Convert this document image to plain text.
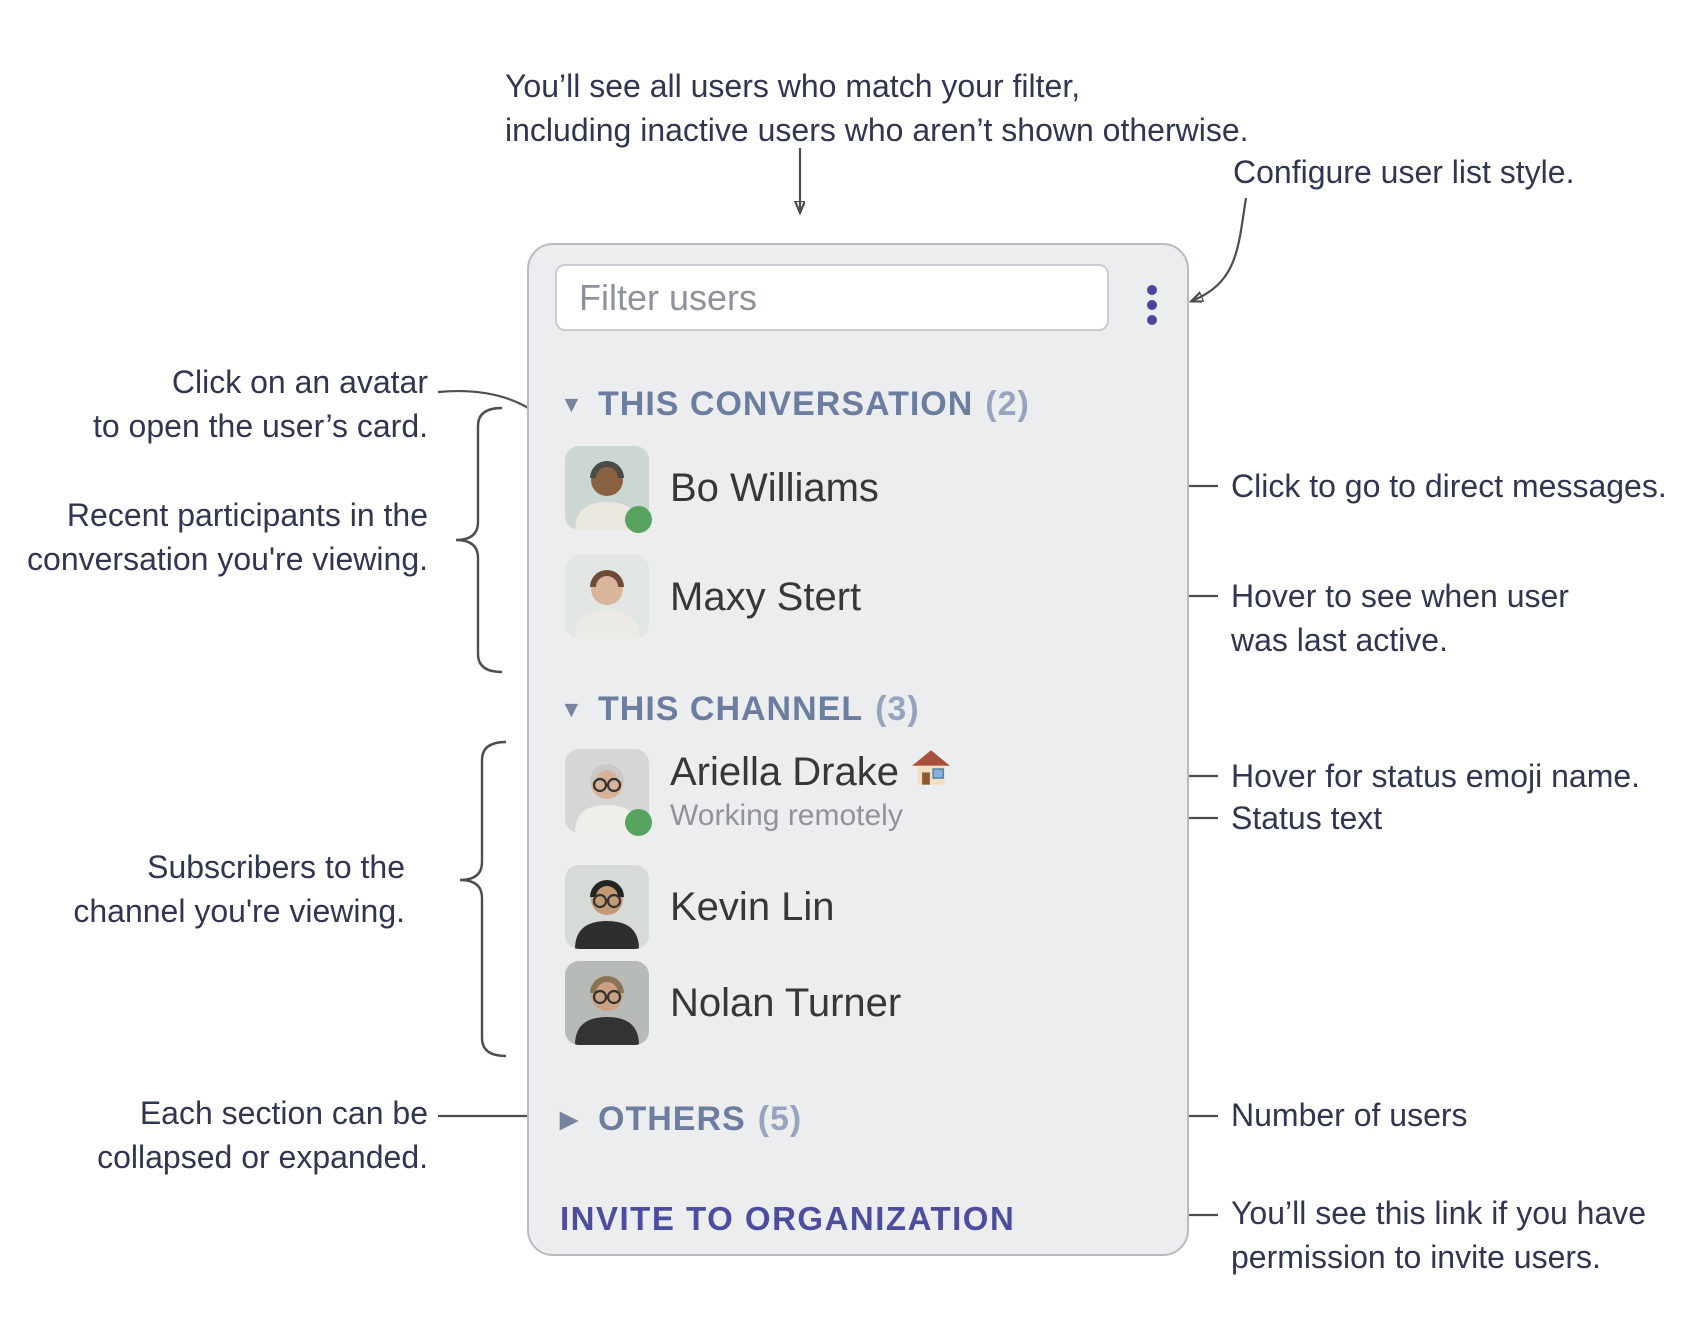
You’ll see all users who match your filter,
including inactive users who aren’t shown otherwise.
Configure user list style.
Click on an avatar
to open the user’s card.
Recent participants in the
conversation you're viewing.
Click to go to direct messages.
Hover to see when user
was last active.
Hover for status emoji name.
Status text
Subscribers to the
channel you're viewing.
Each section can be
collapsed or expanded.
Number of users
You’ll see this link if you have
permission to invite users.
Filter users
▼ THIS CONVERSATION (2)
Bo Williams
Maxy Stert
▼ THIS CHANNEL (3)
Ariella Drake
Working remotely
Kevin Lin
Nolan Turner
▶ OTHERS (5)
INVITE TO ORGANIZATION
